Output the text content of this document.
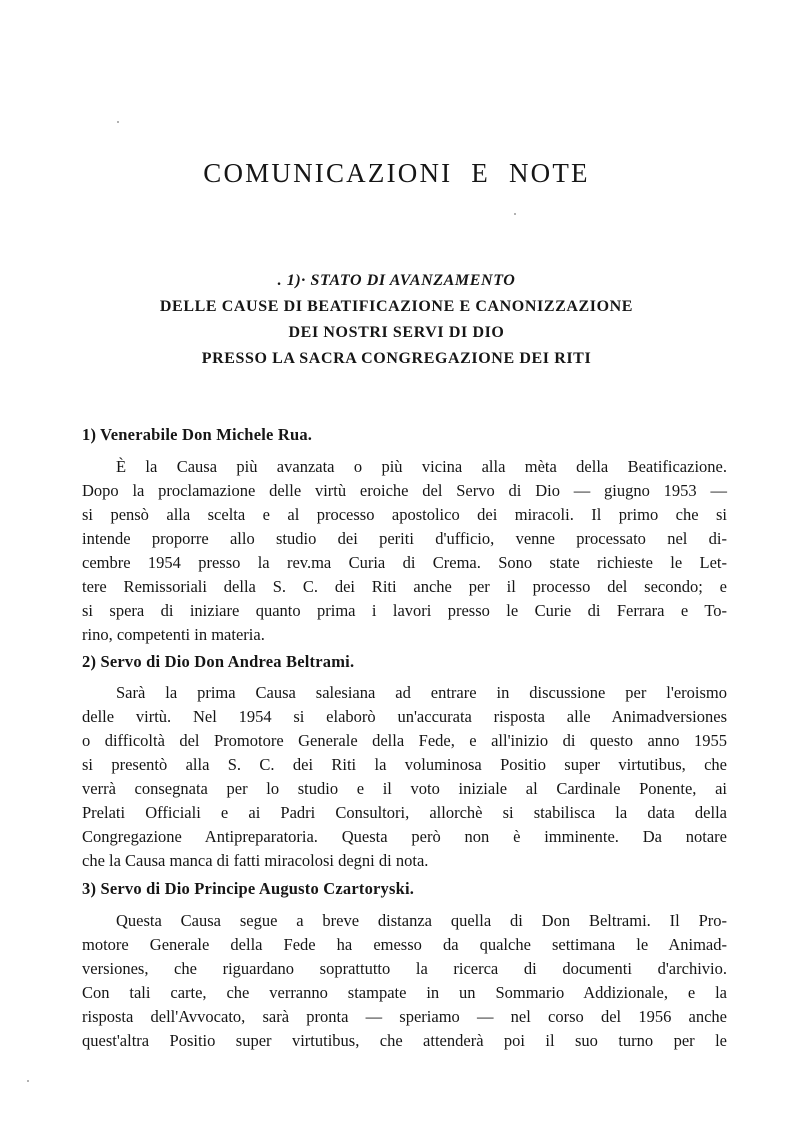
COMUNICAZIONI E NOTE
. 1)· STATO DI AVANZAMENTO
DELLE CAUSE DI BEATIFICAZIONE E CANONIZZAZIONE
DEI NOSTRI SERVI DI DIO
PRESSO LA SACRA CONGREGAZIONE DEI RITI
1) Venerabile Don Michele Rua.
È la Causa più avanzata o più vicina alla mèta della Beatificazione.
Dopo la proclamazione delle virtù eroiche del Servo di Dio — giugno 1953 —
si pensò alla scelta e al processo apostolico dei miracoli. Il primo che si
intende proporre allo studio dei periti d'ufficio, venne processato nel di-
cembre 1954 presso la rev.ma Curia di Crema. Sono state richieste le Let-
tere Remissoriali della S. C. dei Riti anche per il processo del secondo; e
si spera di iniziare quanto prima i lavori presso le Curie di Ferrara e To-
rino, competenti in materia.
2) Servo di Dio Don Andrea Beltrami.
Sarà la prima Causa salesiana ad entrare in discussione per l'eroismo
delle virtù. Nel 1954 si elaborò un'accurata risposta alle Animadversiones
o difficoltà del Promotore Generale della Fede, e all'inizio di questo anno 1955
si presentò alla S. C. dei Riti la voluminosa Positio super virtutibus, che
verrà consegnata per lo studio e il voto iniziale al Cardinale Ponente, ai
Prelati Officiali e ai Padri Consultori, allorchè si stabilisca la data della
Congregazione Antipreparatoria. Questa però non è imminente. Da notare
che la Causa manca di fatti miracolosi degni di nota.
3) Servo di Dio Principe Augusto Czartoryski.
Questa Causa segue a breve distanza quella di Don Beltrami. Il Pro-
motore Generale della Fede ha emesso da qualche settimana le Animad-
versiones, che riguardano soprattutto la ricerca di documenti d'archivio.
Con tali carte, che verranno stampate in un Sommario Addizionale, e la
risposta dell'Avvocato, sarà pronta — speriamo — nel corso del 1956 anche
quest'altra Positio super virtutibus, che attenderà poi il suo turno per le
